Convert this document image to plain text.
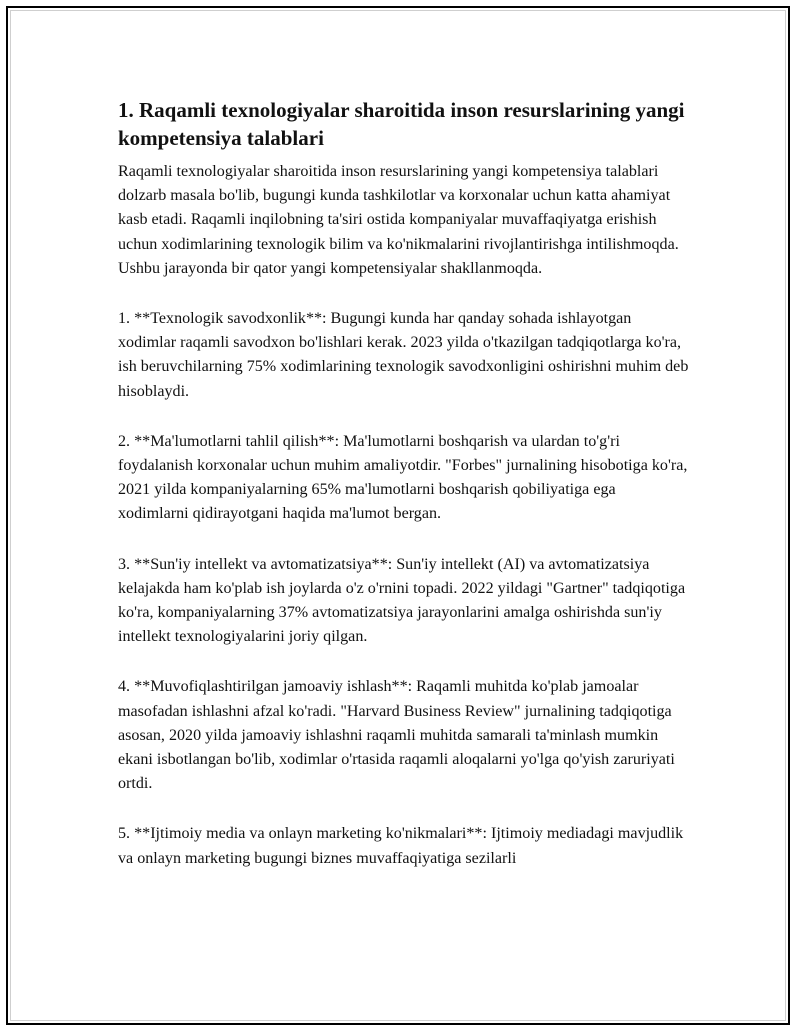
1. Raqamli texnologiyalar sharoitida inson resurslarining yangi kompetensiya talablari

Raqamli texnologiyalar sharoitida inson resurslarining yangi kompetensiya talablari dolzarb masala bo'lib, bugungi kunda tashkilotlar va korxonalar uchun katta ahamiyat kasb etadi. Raqamli inqilobning ta'siri ostida kompaniyalar muvaffaqiyatga erishish uchun xodimlarining texnologik bilim va ko'nikmalarini rivojlantirishga intilishmoqda. Ushbu jarayonda bir qator yangi kompetensiyalar shakllanmoqda.

1. **Texnologik savodxonlik**: Bugungi kunda har qanday sohada ishlayotgan xodimlar raqamli savodxon bo'lishlari kerak. 2023 yilda o'tkazilgan tadqiqotlarga ko'ra, ish beruvchilarning 75% xodimlarining texnologik savodxonligini oshirishni muhim deb hisoblaydi.

2. **Ma'lumotlarni tahlil qilish**: Ma'lumotlarni boshqarish va ulardan to'g'ri foydalanish korxonalar uchun muhim amaliyotdir. "Forbes" jurnalining hisobotiga ko'ra, 2021 yilda kompaniyalarning 65% ma'lumotlarni boshqarish qobiliyatiga ega xodimlarni qidirayotgani haqida ma'lumot bergan.

3. **Sun'iy intellekt va avtomatizatsiya**: Sun'iy intellekt (AI) va avtomatizatsiya kelajakda ham ko'plab ish joylarda o'z o'rnini topadi. 2022 yildagi "Gartner" tadqiqotiga ko'ra, kompaniyalarning 37% avtomatizatsiya jarayonlarini amalga oshirishda sun'iy intellekt texnologiyalarini joriy qilgan.

4. **Muvofiqlashtirilgan jamoaviy ishlash**: Raqamli muhitda ko'plab jamoalar masofadan ishlashni afzal ko'radi. "Harvard Business Review" jurnalining tadqiqotiga asosan, 2020 yilda jamoaviy ishlashni raqamli muhitda samarali ta'minlash mumkin ekani isbotlangan bo'lib, xodimlar o'rtasida raqamli aloqalarni yo'lga qo'yish zaruriyati ortdi.

5. **Ijtimoiy media va onlayn marketing ko'nikmalari**: Ijtimoiy mediadagi mavjudlik va onlayn marketing bugungi biznes muvaffaqiyatiga sezilarli
